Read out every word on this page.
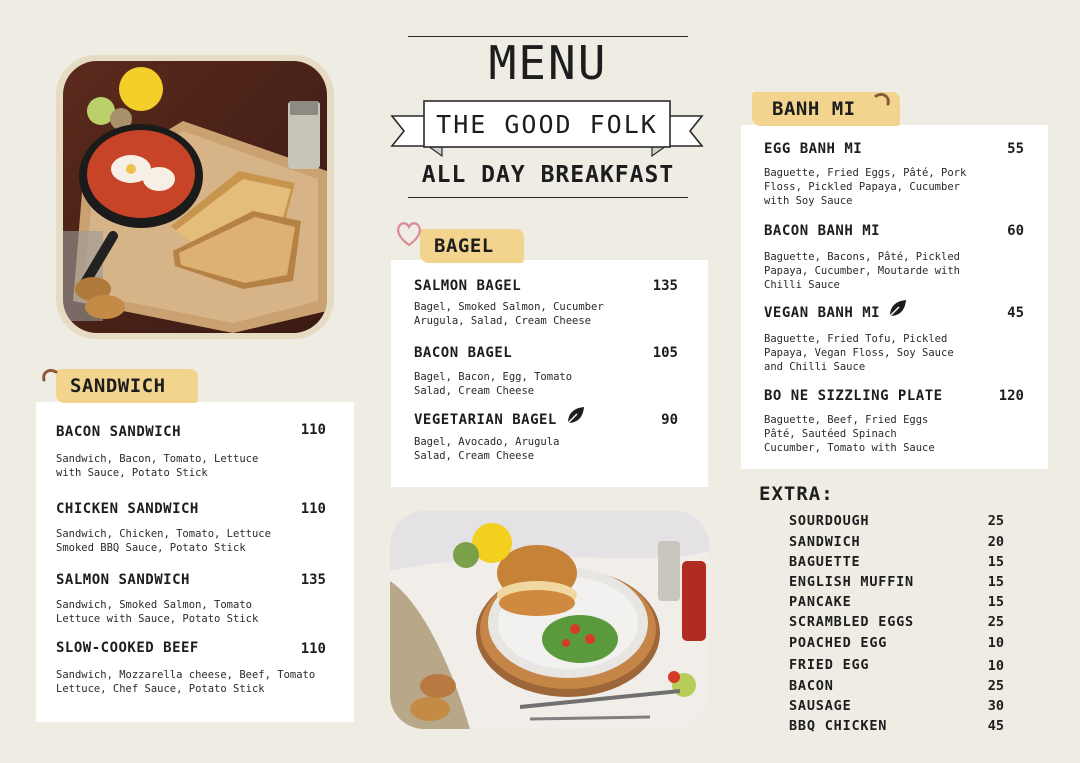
MENU
THE GOOD FOLK
ALL DAY BREAKFAST
SANDWICH
BACON SANDWICH	110
Sandwich, Bacon, Tomato, Lettuce
with Sauce, Potato Stick
CHICKEN SANDWICH	110
Sandwich, Chicken, Tomato, Lettuce
Smoked BBQ Sauce, Potato Stick
SALMON SANDWICH	135
Sandwich, Smoked Salmon, Tomato
Lettuce with Sauce, Potato Stick
SLOW-COOKED BEEF	110
Sandwich, Mozzarella cheese, Beef, Tomato
Lettuce, Chef Sauce, Potato Stick
BAGEL
SALMON BAGEL	135
Bagel, Smoked Salmon, Cucumber
Arugula, Salad, Cream Cheese
BACON BAGEL	105
Bagel, Bacon, Egg, Tomato
Salad, Cream Cheese
VEGETARIAN BAGEL	90
Bagel, Avocado, Arugula
Salad, Cream Cheese
BANH MI
EGG BANH MI	55
Baguette, Fried Eggs, Pâté, Pork
Floss, Pickled Papaya, Cucumber
with Soy Sauce
BACON BANH MI	60
Baguette, Bacons, Pâté, Pickled
Papaya, Cucumber, Moutarde with
Chilli Sauce
VEGAN BANH MI	45
Baguette, Fried Tofu, Pickled
Papaya, Vegan Floss, Soy Sauce
and Chilli Sauce
BO NE SIZZLING PLATE	120
Baguette, Beef, Fried Eggs
Pâté, Sautéed Spinach
Cucumber, Tomato with Sauce
EXTRA:
SOURDOUGH	25
SANDWICH	20
BAGUETTE	15
ENGLISH MUFFIN	15
PANCAKE	15
SCRAMBLED EGGS	25
POACHED EGG	10
FRIED EGG	10
BACON	25
SAUSAGE	30
BBQ CHICKEN	45
